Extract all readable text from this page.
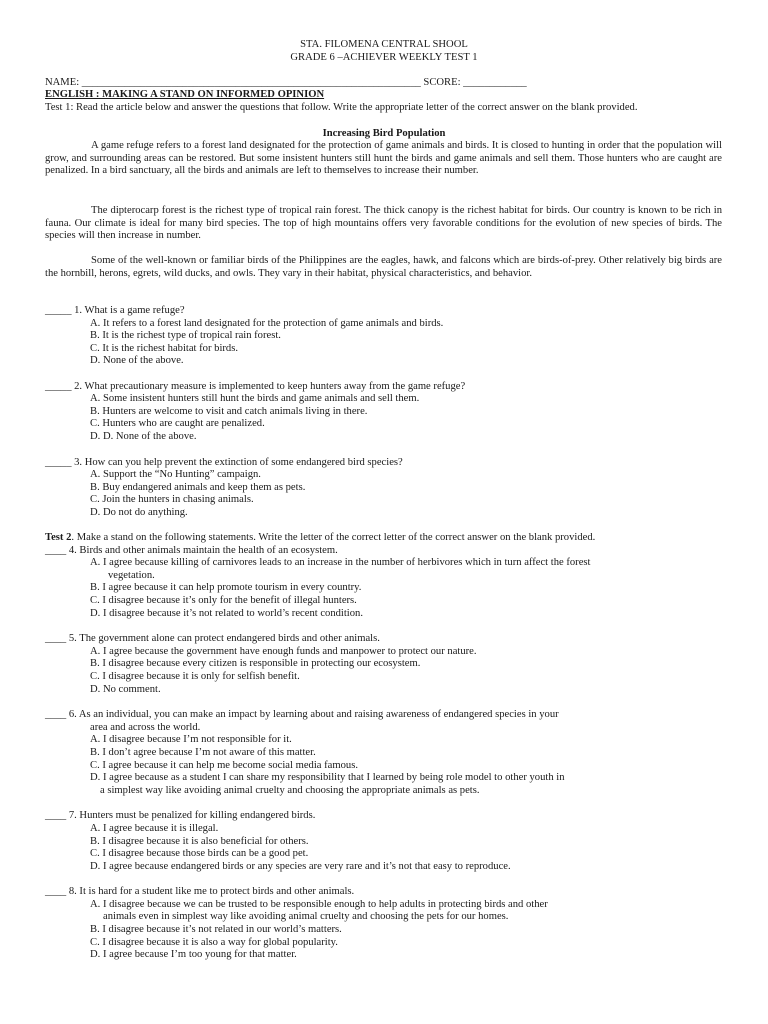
STA. FILOMENA CENTRAL SHOOL
GRADE 6 –ACHIEVER WEEKLY TEST 1
NAME: ________________________________________________________________ SCORE: ____________
ENGLISH : MAKING A STAND ON INFORMED OPINION
Test 1: Read the article below and answer the questions that follow. Write the appropriate letter of the correct answer on the blank provided.
Increasing Bird Population
A game refuge refers to a forest land designated for the protection of game animals and birds. It is closed to hunting in order that the population will grow, and surrounding areas can be restored. But some insistent hunters still hunt the birds and game animals and sell them. Those hunters who are caught are penalized. In a bird sanctuary, all the birds and animals are left to themselves to increase their number.
The dipterocarp forest is the richest type of tropical rain forest. The thick canopy is the richest habitat for birds. Our country is known to be rich in fauna. Our climate is ideal for many bird species. The top of high mountains offers very favorable conditions for the evolution of new species of birds. The species will then increase in number.
Some of the well-known or familiar birds of the Philippines are the eagles, hawk, and falcons which are birds-of-prey. Other relatively big birds are the hornbill, herons, egrets, wild ducks, and owls. They vary in their habitat, physical characteristics, and behavior.
_____ 1. What is a game refuge?
A. It refers to a forest land designated for the protection of game animals and birds.
B. It is the richest type of tropical rain forest.
C. It is the richest habitat for birds.
D. None of the above.
_____ 2. What precautionary measure is implemented to keep hunters away from the game refuge?
A. Some insistent hunters still hunt the birds and game animals and sell them.
B. Hunters are welcome to visit and catch animals living in there.
C. Hunters who are caught are penalized.
D. D. None of the above.
_____ 3. How can you help prevent the extinction of some endangered bird species?
A. Support the “No Hunting” campaign.
B. Buy endangered animals and keep them as pets.
C. Join the hunters in chasing animals.
D. Do not do anything.
Test 2. Make a stand on the following statements. Write the letter of the correct letter of the correct answer on the blank provided.
____ 4. Birds and other animals maintain the health of an ecosystem.
A. I agree because killing of carnivores leads to an increase in the number of herbivores which in turn affect the forest
vegetation.
B. I agree because it can help promote tourism in every country.
C. I disagree because it’s only for the benefit of illegal hunters.
D. I disagree because it’s not related to world’s recent condition.
____ 5. The government alone can protect endangered birds and other animals.
A. I agree because the government have enough funds and manpower to protect our nature.
B. I disagree because every citizen is responsible in protecting our ecosystem.
C. I disagree because it is only for selfish benefit.
D. No comment.
____ 6. As an individual, you can make an impact by learning about and raising awareness of endangered species in your
area and across the world.
A. I disagree because I’m not responsible for it.
B. I don’t agree because I’m not aware of this matter.
C. I agree because it can help me become social media famous.
D. I agree because as a student I can share my responsibility that I learned by being role model to other youth in
a simplest way like avoiding animal cruelty and choosing the appropriate animals as pets.
____ 7. Hunters must be penalized for killing endangered birds.
A. I agree because it is illegal.
B. I disagree because it is also beneficial for others.
C. I disagree because those birds can be a good pet.
D. I agree because endangered birds or any species are very rare and it’s not that easy to reproduce.
____ 8. It is hard for a student like me to protect birds and other animals.
A. I disagree because we can be trusted to be responsible enough to help adults in protecting birds and other
animals even in simplest way like avoiding animal cruelty and choosing the pets for our homes.
B. I disagree because it’s not related in our world’s matters.
C. I disagree because it is also a way for global popularity.
D. I agree because I’m too young for that matter.
